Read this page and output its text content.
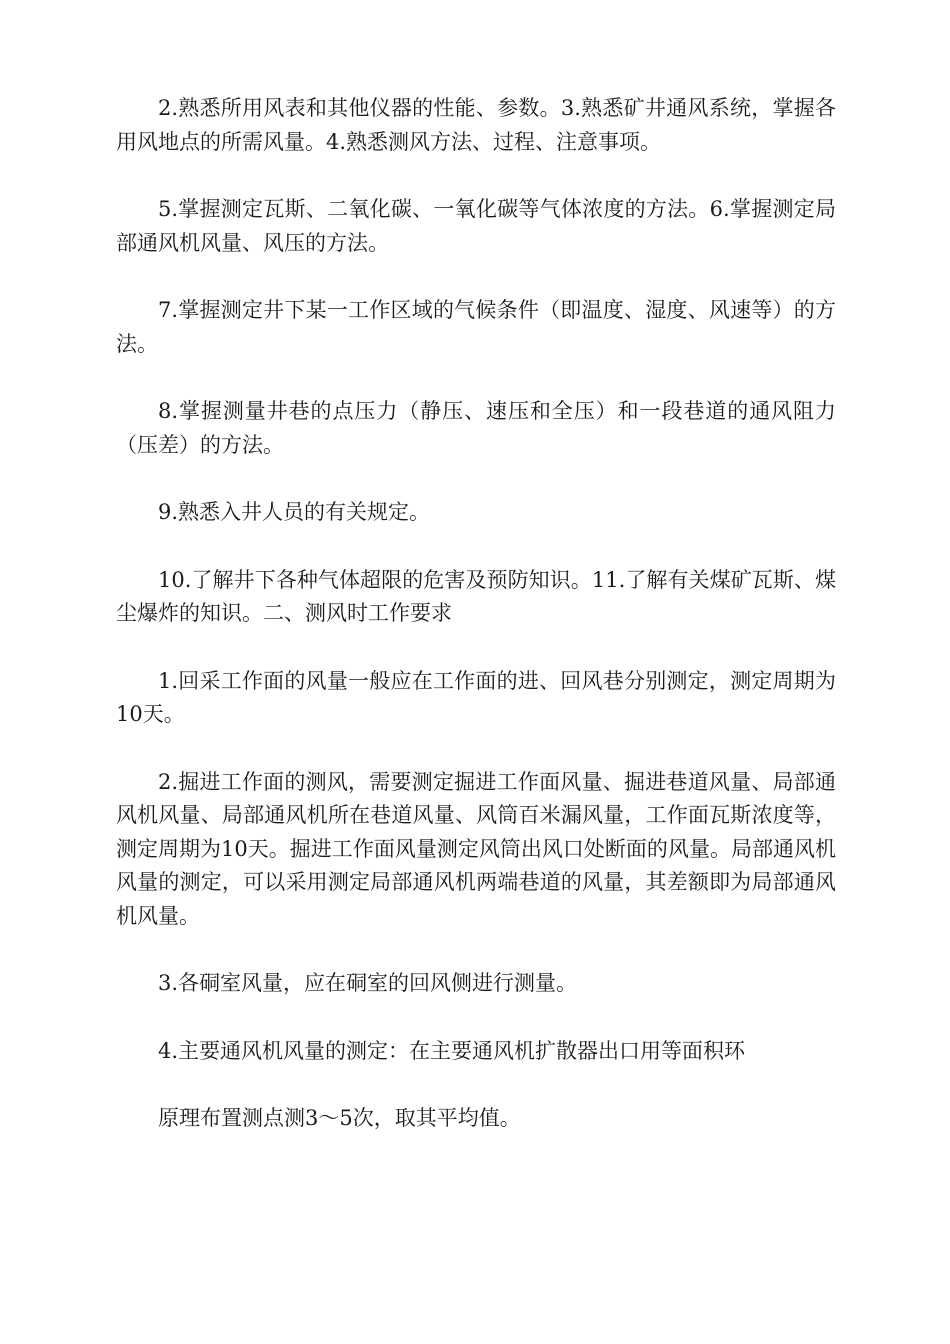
2.熟悉所用风表和其他仪器的性能、参数。3.熟悉矿井通风系统，掌握各用风地点的所需风量。4.熟悉测风方法、过程、注意事项。

5.掌握测定瓦斯、二氧化碳、一氧化碳等气体浓度的方法。6.掌握测定局部通风机风量、风压的方法。

7.掌握测定井下某一工作区域的气候条件（即温度、湿度、风速等）的方法。

8.掌握测量井巷的点压力（静压、速压和全压）和一段巷道的通风阻力（压差）的方法。

9.熟悉入井人员的有关规定。

10.了解井下各种气体超限的危害及预防知识。11.了解有关煤矿瓦斯、煤尘爆炸的知识。二、测风时工作要求

1.回采工作面的风量一般应在工作面的进、回风巷分别测定，测定周期为10天。

2.掘进工作面的测风，需要测定掘进工作面风量、掘进巷道风量、局部通风机风量、局部通风机所在巷道风量、风筒百米漏风量，工作面瓦斯浓度等，测定周期为10天。掘进工作面风量测定风筒出风口处断面的风量。局部通风机风量的测定，可以采用测定局部通风机两端巷道的风量，其差额即为局部通风机风量。

3.各硐室风量，应在硐室的回风侧进行测量。

4.主要通风机风量的测定：在主要通风机扩散器出口用等面积环

原理布置测点测3～5次，取其平均值。
